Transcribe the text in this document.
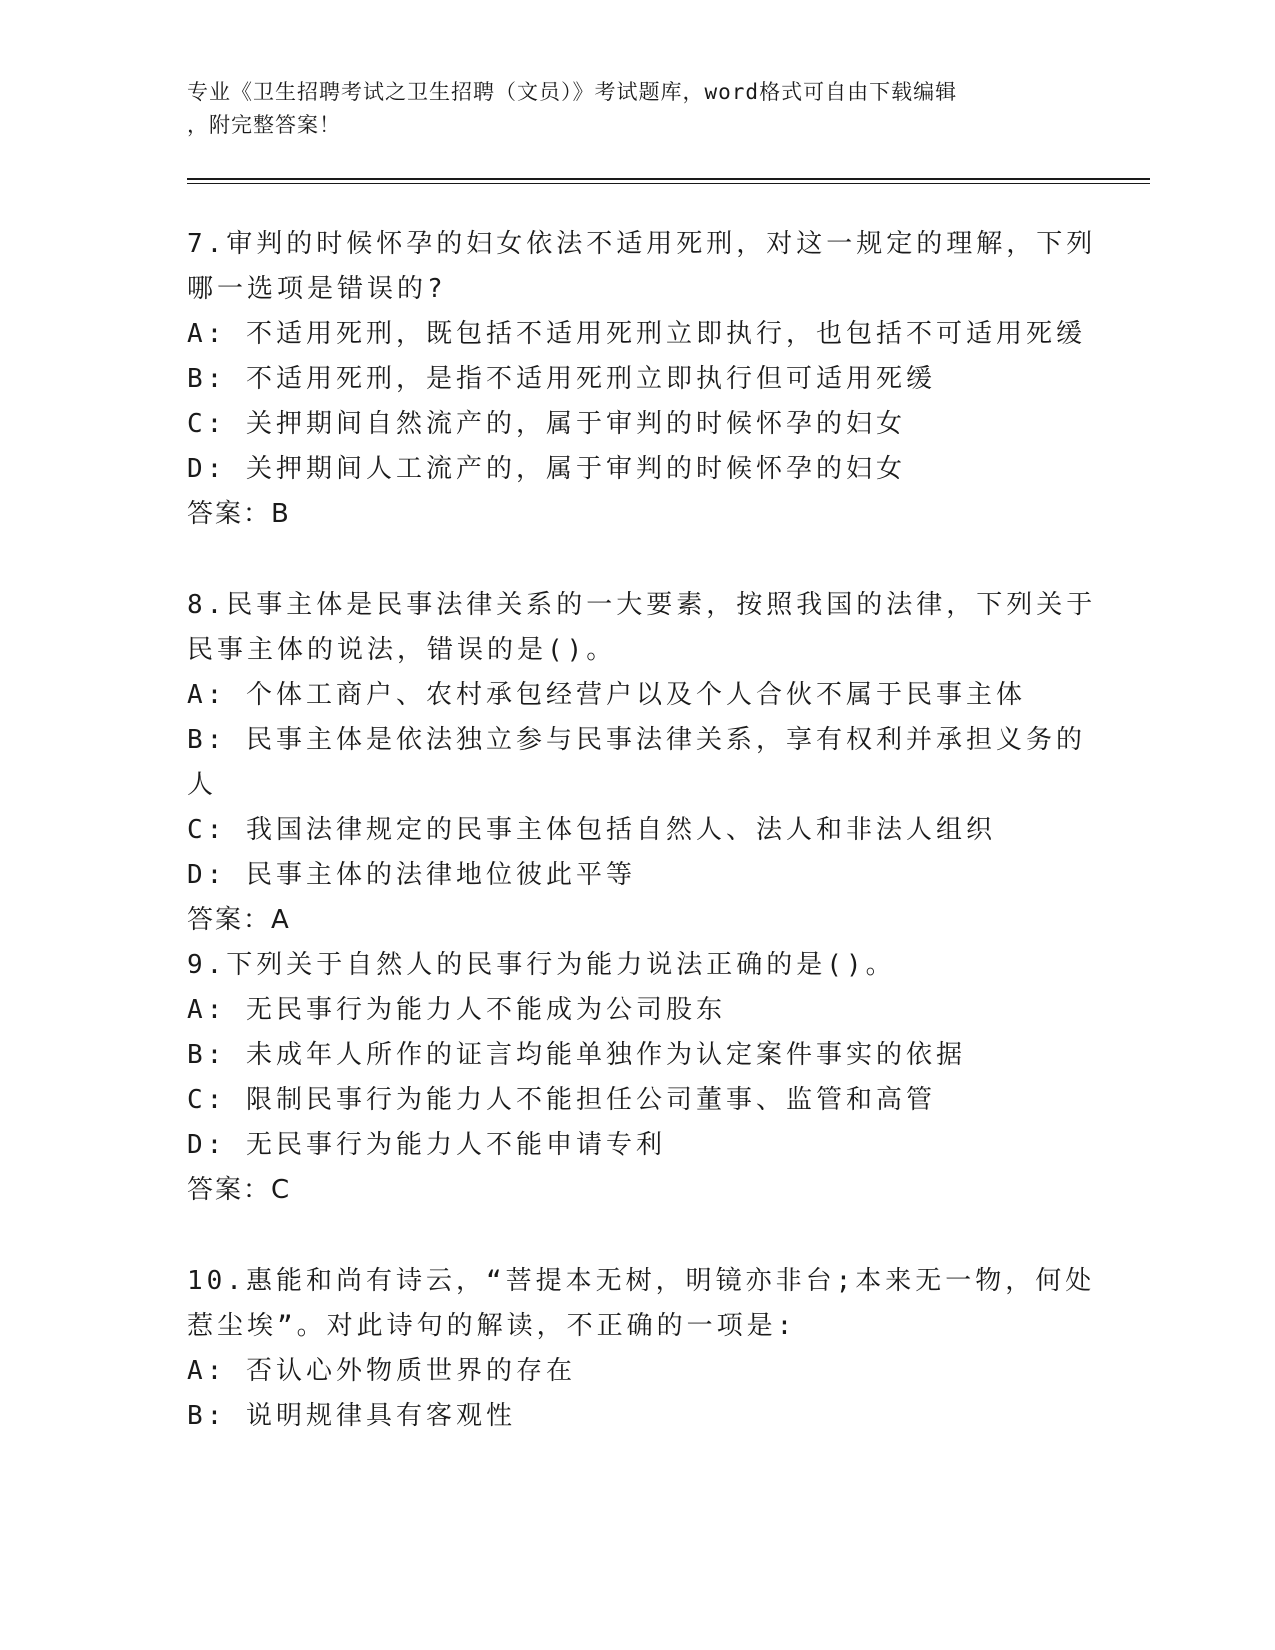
专业《卫生招聘考试之卫生招聘（文员）》考试题库，word格式可自由下载编辑
，附完整答案！

7.审判的时候怀孕的妇女依法不适用死刑，对这一规定的理解，下列

哪一选项是错误的?

A: 不适用死刑，既包括不适用死刑立即执行，也包括不可适用死缓

B: 不适用死刑，是指不适用死刑立即执行但可适用死缓

C: 关押期间自然流产的，属于审判的时候怀孕的妇女

D: 关押期间人工流产的，属于审判的时候怀孕的妇女

答案：B

8.民事主体是民事法律关系的一大要素，按照我国的法律，下列关于

民事主体的说法，错误的是()。

A: 个体工商户、农村承包经营户以及个人合伙不属于民事主体

B: 民事主体是依法独立参与民事法律关系，享有权利并承担义务的人

C: 我国法律规定的民事主体包括自然人、法人和非法人组织

D: 民事主体的法律地位彼此平等

答案：A

9.下列关于自然人的民事行为能力说法正确的是()。

A: 无民事行为能力人不能成为公司股东

B: 未成年人所作的证言均能单独作为认定案件事实的依据

C: 限制民事行为能力人不能担任公司董事、监管和高管

D: 无民事行为能力人不能申请专利

答案：C

10.惠能和尚有诗云，“菩提本无树，明镜亦非台;本来无一物，何处

惹尘埃”。对此诗句的解读，不正确的一项是:

A: 否认心外物质世界的存在

B: 说明规律具有客观性
